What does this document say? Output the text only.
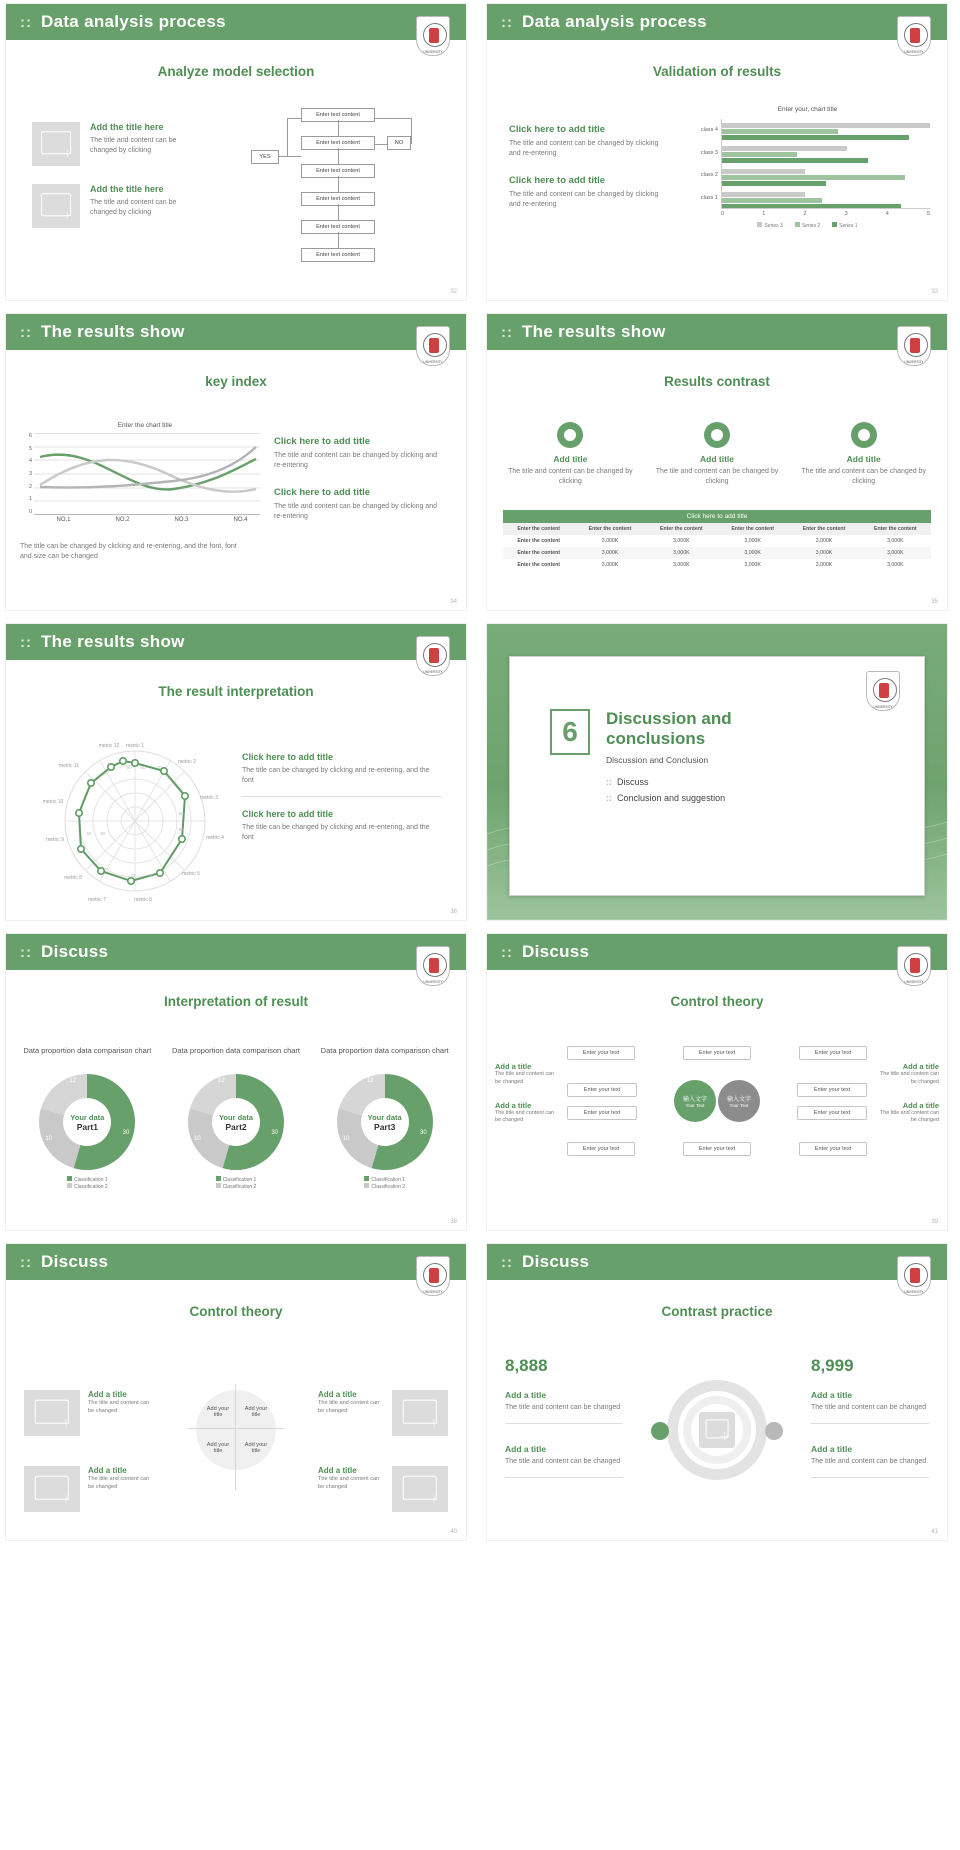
:: Data analysis process
UNIVERSITY
Analyze model selection
＋
Add the title here
The title and content can be changed by clicking
＋
Add the title here
The title and content can be changed by clicking
Enter text content
Enter text content
Enter text content
Enter text content
Enter text content
Enter text content
YES
NO
32
:: Data analysis process
UNIVERSITY
Validation of results
Click here to add title
The title and content can be changed by clicking and re-entering
Click here to add title
The title and content can be changed by clicking and re-entering
Enter your, chart title
class 4
class 3
class 2
class 1
0	1	2	3	4	5
Series 3	Series 2	Series 1
33
:: The results show
UNIVERSITY
key index
Enter the chart title
6
5
4
3
2
1
0
NO.1	NO.2	NO.3	NO.4
The title can be changed by clicking and re-entering, and the font, font and size can be changed
Click here to add title
The title and content can be changed by clicking and re-entering
Click here to add title
The title and content can be changed by clicking and re-entering
34
:: The results show
UNIVERSITY
Results contrast
Add title
The title and content can be changed by clicking
Add title
The tile and content can be changed by clicking
Add title
The title and content can be changed by clicking
Click here to add title
Enter the content	Enter the content	Enter the content	Enter the content	Enter the content	Enter the content
Enter the content	3,000K	3,000K	3,000K	3,000K	3,000K
Enter the content	3,000K	3,000K	3,000K	3,000K	3,000K
Enter the content	3,000K	3,000K	3,000K	3,000K	3,000K
35
:: The results show
UNIVERSITY
The result interpretation
metric 1
metric 2
metric 3
metric 4
metric 5
metric 6
metric 7
metric 8
metric 9
metric 10
metric 11
metric 12
90 80 70
90
80
70	60
50 60
Click here to add title
The title can be changed by clicking and re-entering, and the font
Click here to add title
The title can be changed by clicking and re-entering, and the font
36
UNIVERSITY
6	Discussion and conclusions
Discussion and Conclusion
:: Discuss
:: Conclusion and suggestion
37
:: Discuss
UNIVERSITY
Interpretation of result
Data proportion data comparison chart
Your data
Part1
12
30
10
Classification 1
Classification 2
Data proportion data comparison chart
Your data
Part2
12
30
10
Classification 1
Classification 2
Data proportion data comparison chart
Your data
Part3
12
30
10
Classification 1
Classification 2
38
:: Discuss
UNIVERSITY
Control theory
Add a title
The title and content can be changed
Add a title
The title and content can be changed
Add a title
The title and content can be changed
Add a title
The title and content can be changed
Enter your text	Enter your text	Enter your text
Enter your text
Enter your text
输入文字
Your Text
输入文字
Your Text
Enter your text
Enter your text
Enter your text	Enter your text	Enter your text
39
:: Discuss
UNIVERSITY
Control theory
＋
Add a title
The title and content can be changed
＋
Add a title
The title and content can be changed
＋
Add a title
The title and content can be changed
＋
Add a title
The title and content can be changed
Add your title
Add your title
Add your title
Add your title
40
:: Discuss
UNIVERSITY
Contrast practice
8,888
Add a title
The title and content can be changed
Add a title
The title and content can be changed
＋
8,999
Add a title
The title and content can be changed
Add a title
The title and content can be changed
41
